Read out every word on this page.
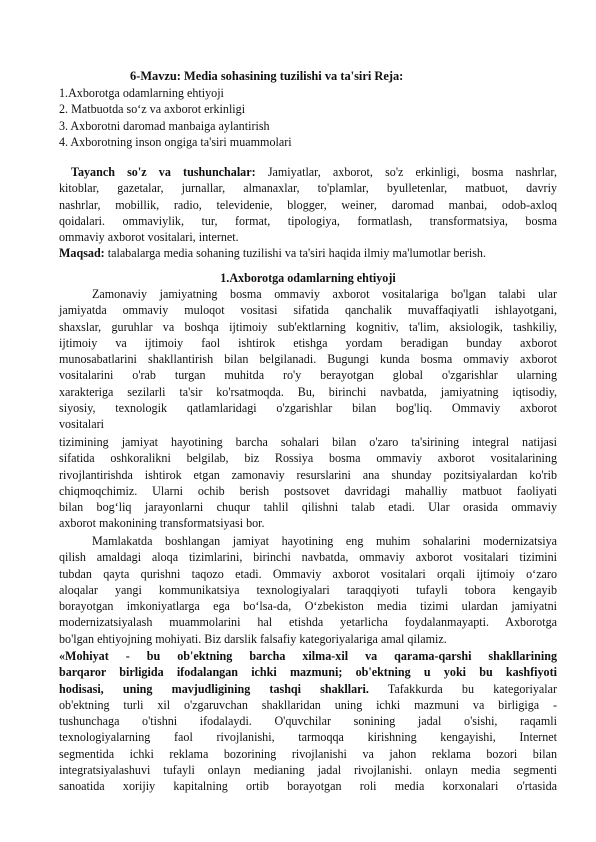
6-Mavzu: Media sohasining tuzilishi va ta'siri Reja:
1.Axborotga odamlarning ehtiyoji
2. Matbuotda so‘z va axborot erkinligi
3. Axborotni daromad manbaiga aylantirish
4. Axborotning inson ongiga ta'siri muammolari
Tayanch so'z va tushunchalar: Jamiyatlar, axborot, so'z erkinligi, bosma nashrlar,
kitoblar, gazetalar, jurnallar, almanaxlar, to'plamlar, byulletenlar, matbuot, davriy
nashrlar, mobillik, radio, televidenie, blogger, weiner, daromad manbai, odob-axloq
qoidalari. ommaviylik, tur, format, tipologiya, formatlash, transformatsiya, bosma
ommaviy axborot vositalari, internet.
Maqsad: talabalarga media sohaning tuzilishi va ta'siri haqida ilmiy ma'lumotlar berish.
1.Axborotga odamlarning ehtiyoji
Zamonaviy jamiyatning bosma ommaviy axborot vositalariga bo'lgan talabi ular
jamiyatda ommaviy muloqot vositasi sifatida qanchalik muvaffaqiyatli ishlayotgani,
shaxslar, guruhlar va boshqa ijtimoiy sub'ektlarning kognitiv, ta'lim, aksiologik, tashkiliy,
ijtimoiy va ijtimoiy faol ishtirok etishga yordam beradigan bunday axborot
munosabatlarini shakllantirish bilan belgilanadi. Bugungi kunda bosma ommaviy axborot
vositalarini o'rab turgan muhitda ro'y berayotgan global o'zgarishlar ularning
xarakteriga sezilarli ta'sir ko'rsatmoqda. Bu, birinchi navbatda, jamiyatning iqtisodiy,
siyosiy, texnologik qatlamlaridagi o'zgarishlar bilan bog'liq. Ommaviy axborot
vositalari
tizimining jamiyat hayotining barcha sohalari bilan o'zaro ta'sirining integral natijasi
sifatida oshkoralikni belgilab, biz Rossiya bosma ommaviy axborot vositalarining
rivojlantirishda ishtirok etgan zamonaviy resurslarini ana shunday pozitsiyalardan ko'rib
chiqmoqchimiz. Ularni ochib berish postsovet davridagi mahalliy matbuot faoliyati
bilan bog‘liq jarayonlarni chuqur tahlil qilishni talab etadi. Ular orasida ommaviy
axborot makonining transformatsiyasi bor.
Mamlakatda boshlangan jamiyat hayotining eng muhim sohalarini modernizatsiya
qilish amaldagi aloqa tizimlarini, birinchi navbatda, ommaviy axborot vositalari tizimini
tubdan qayta qurishni taqozo etadi. Ommaviy axborot vositalari orqali ijtimoiy o‘zaro
aloqalar yangi kommunikatsiya texnologiyalari taraqqiyoti tufayli tobora kengayib
borayotgan imkoniyatlarga ega bo‘lsa-da, O‘zbekiston media tizimi ulardan jamiyatni
modernizatsiyalash muammolarini hal etishda yetarlicha foydalanmayapti. Axborotga
bo'lgan ehtiyojning mohiyati. Biz darslik falsafiy kategoriyalariga amal qilamiz.
«Mohiyat - bu ob'ektning barcha xilma-xil va qarama-qarshi shakllarining
barqaror birligida ifodalangan ichki mazmuni; ob'ektning u yoki bu kashfiyoti
hodisasi, uning mavjudligining tashqi shakllari. Tafakkurda bu kategoriyalar
ob'ektning turli xil o'zgaruvchan shakllaridan uning ichki mazmuni va birligiga -
tushunchaga o'tishni ifodalaydi. O'quvchilar sonining jadal o'sishi, raqamli
texnologiyalarning faol rivojlanishi, tarmoqqa kirishning kengayishi, Internet
segmentida ichki reklama bozorining rivojlanishi va jahon reklama bozori bilan
integratsiyalashuvi tufayli onlayn medianing jadal rivojlanishi. onlayn media segmenti
sanoatida xorijiy kapitalning ortib borayotgan roli media korxonalari o'rtasida
